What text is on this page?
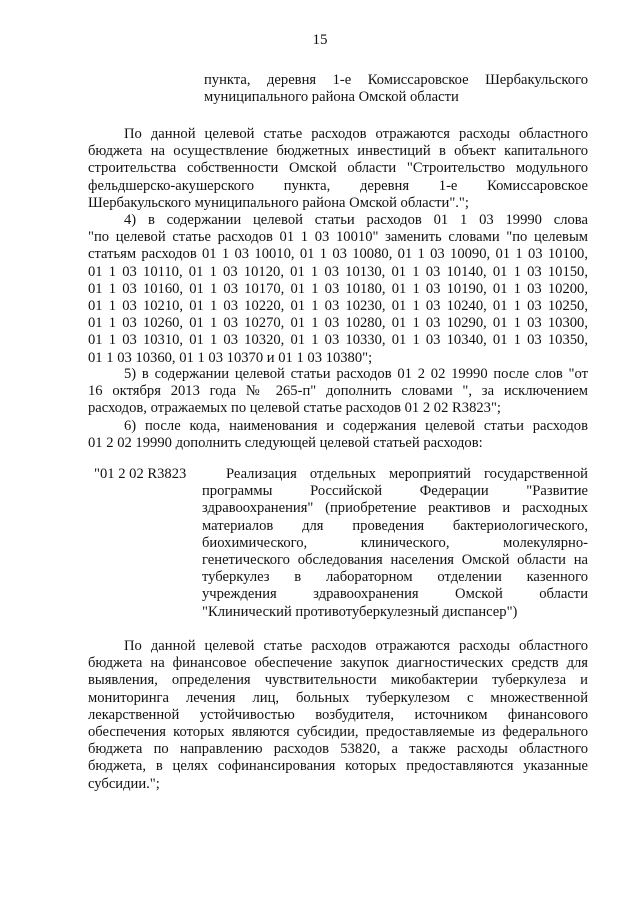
15
пункта, деревня 1-е Комиссаровское Шербакульского
муниципального района Омской области
По данной целевой статье расходов отражаются расходы областного
бюджета на осуществление бюджетных инвестиций в объект капитального
строительства собственности Омской области "Строительство модульного
фельдшерско-акушерского пункта, деревня 1-е Комиссаровское
Шербакульского муниципального района Омской области".";
4) в содержании целевой статьи расходов 01 1 03 19990 слова
"по целевой статье расходов 01 1 03 10010" заменить словами "по целевым
статьям расходов 01 1 03 10010, 01 1 03 10080, 01 1 03 10090, 01 1 03 10100,
01 1 03 10110, 01 1 03 10120, 01 1 03 10130, 01 1 03 10140, 01 1 03 10150,
01 1 03 10160, 01 1 03 10170, 01 1 03 10180, 01 1 03 10190, 01 1 03 10200,
01 1 03 10210, 01 1 03 10220, 01 1 03 10230, 01 1 03 10240, 01 1 03 10250,
01 1 03 10260, 01 1 03 10270, 01 1 03 10280, 01 1 03 10290, 01 1 03 10300,
01 1 03 10310, 01 1 03 10320, 01 1 03 10330, 01 1 03 10340, 01 1 03 10350,
01 1 03 10360, 01 1 03 10370 и 01 1 03 10380";
5) в содержании целевой статьи расходов 01 2 02 19990 после слов "от
16 октября 2013 года № 265-п" дополнить словами ", за исключением
расходов, отражаемых по целевой статье расходов 01 2 02 R3823";
6) после кода, наименования и содержания целевой статьи расходов
01 2 02 19990 дополнить следующей целевой статьей расходов:
"01 2 02 R3823	Реализация отдельных мероприятий государственной
программы Российской Федерации "Развитие
здравоохранения" (приобретение реактивов и расходных
материалов для проведения бактериологического,
биохимического, клинического, молекулярно-
генетического обследования населения Омской области на
туберкулез в лабораторном отделении казенного
учреждения здравоохранения Омской области
"Клинический противотуберкулезный диспансер")
По данной целевой статье расходов отражаются расходы областного
бюджета на финансовое обеспечение закупок диагностических средств для
выявления, определения чувствительности микобактерии туберкулеза и
мониторинга лечения лиц, больных туберкулезом с множественной
лекарственной устойчивостью возбудителя, источником финансового
обеспечения которых являются субсидии, предоставляемые из федерального
бюджета по направлению расходов 53820, а также расходы областного
бюджета, в целях софинансирования которых предоставляются указанные
субсидии.";
